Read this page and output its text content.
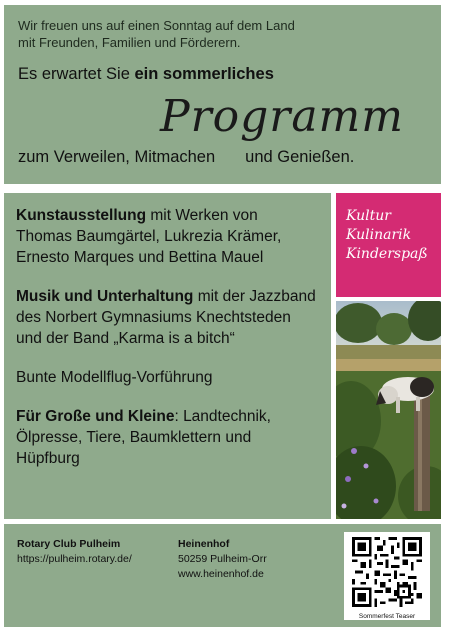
Wir freuen uns auf einen Sonntag auf dem Land
mit Freunden, Familien und Förderern.

Es erwartet Sie ein sommerliches
Programm
zum Verweilen, Mitmachen und Genießen.

Kunstausstellung mit Werken von
Thomas Baumgärtel, Lukrezia Krämer,
Ernesto Marques und Bettina Mauel

Musik und Unterhaltung mit der Jazzband
des Norbert Gymnasiums Knechtsteden
und der Band „Karma is a bitch“

Bunte Modellflug-Vorführung

Für Große und Kleine: Landtechnik,
Ölpresse, Tiere, Baumklettern und Hüpfburg

Kultur
Kulinarik
Kinderspaß
Rotary Club Pulheim
https://pulheim.rotary.de/
Heinenhof
50259 Pulheim-Orr
www.heinenhof.de
Sommerfest Teaser
